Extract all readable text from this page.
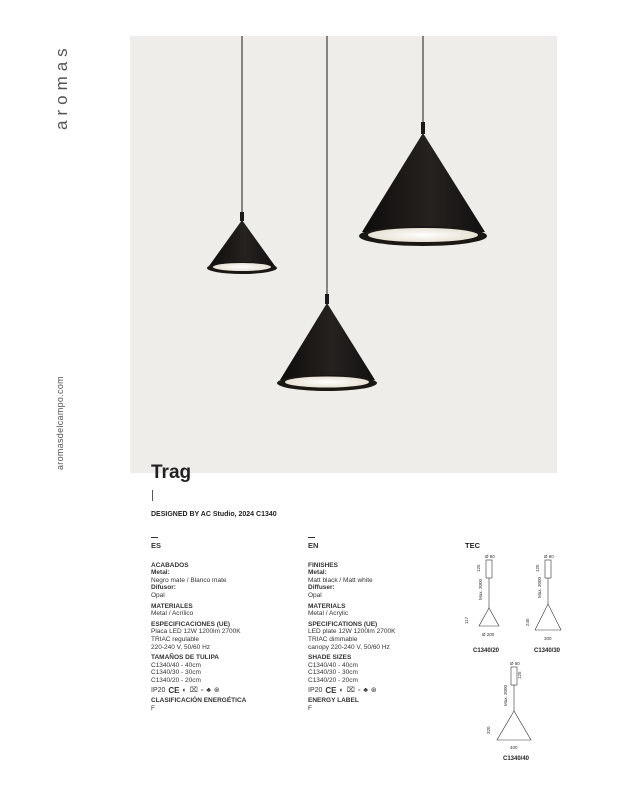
aromas
aromasdelcampo.com
Trag
DESIGNED BY AC Studio, 2024 C1340
ES
ACABADOS
Metal:
Negro mate / Blanco mate
Difusor:
Opal
MATERIALES
Metal / Acrílico
ESPECIFICACIONES (UE)
Placa LED 12W 1200lm 2700K
TRIAC regulable
220-240 V, 50/60 Hz
TAMAÑOS DE TULIPA
C1340/40 - 40cm
C1340/30 - 30cm
C1340/20 - 20cm
IP20 CE ◐ ⌧ ▫ ♣ ⊛
CLASIFICACIÓN ENERGÉTICA
F
EN
FINISHES
Metal:
Matt black / Matt white
Diffuser:
Opal
MATERIALS
Metal / Acrylic
SPECIFICATIONS (UE)
LED plate 12W 1200lm 2700K
TRIAC dimmable
canopy 220-240 V, 50/60 Hz
SHADE SIZES
C1340/40 - 40cm
C1340/30 - 30cm
C1340/20 - 20cm
IP20 CE ◐ ⌧ ▫ ♣ ⊛
ENERGY LABEL
F
TEC
Ø 80
125
Max. 3000
117
Ø 200
Ø 80
125
Max. 3000
245
300
Ø 80
125
Max. 3000
320
400
C1340/20	C1340/30
C1340/40
